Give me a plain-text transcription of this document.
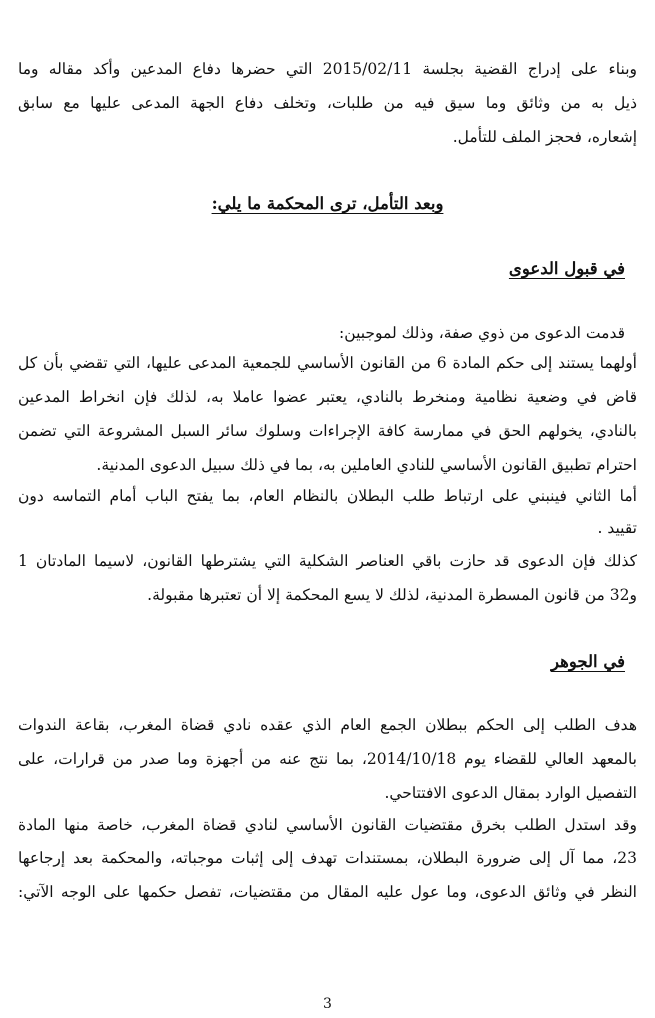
وبناء على إدراج القضية بجلسة 2015/02/11 التي حضرها دفاع المدعين وأكد مقاله وما
ذيل به من وثائق وما سيق فيه من طلبات، وتخلف دفاع الجهة المدعى عليها مع سابق
إشعاره، فحجز الملف للتأمل.
وبعد التأمل، ترى المحكمة ما يلي:
في قبول الدعوى
قدمت الدعوى من ذوي صفة، وذلك لموجبين:
أولهما يستند إلى حكم المادة 6 من القانون الأساسي للجمعية المدعى عليها، التي تقضي بأن كل
قاض في وضعية نظامية ومنخرط بالنادي، يعتبر عضوا عاملا به، لذلك فإن انخراط المدعين
بالنادي، يخولهم الحق في ممارسة كافة الإجراءات وسلوك سائر السبل المشروعة التي تضمن
احترام تطبيق القانون الأساسي للنادي العاملين به، بما في ذلك سبيل الدعوى المدنية.
أما الثاني فينبني على ارتباط طلب البطلان بالنظام العام، بما يفتح الباب أمام التماسه دون
تقييد .
كذلك فإن الدعوى قد حازت باقي العناصر الشكلية التي يشترطها القانون، لاسيما المادتان 1
و32 من قانون المسطرة المدنية، لذلك لا يسع المحكمة إلا أن تعتبرها مقبولة.
في الجوهر
هدف الطلب إلى الحكم ببطلان الجمع العام الذي عقده نادي قضاة المغرب، بقاعة الندوات
بالمعهد العالي للقضاء يوم 2014/10/18، بما نتج عنه من أجهزة وما صدر من قرارات، على
التفصيل الوارد بمقال الدعوى الافتتاحي.
وقد استدل الطلب بخرق مقتضيات القانون الأساسي لنادي قضاة المغرب، خاصة منها المادة
23، مما آل إلى ضرورة البطلان، بمستندات تهدف إلى إثبات موجباته، والمحكمة بعد إرجاعها
النظر في وثائق الدعوى، وما عول عليه المقال من مقتضيات، تفصل حكمها على الوجه الآتي:
3
